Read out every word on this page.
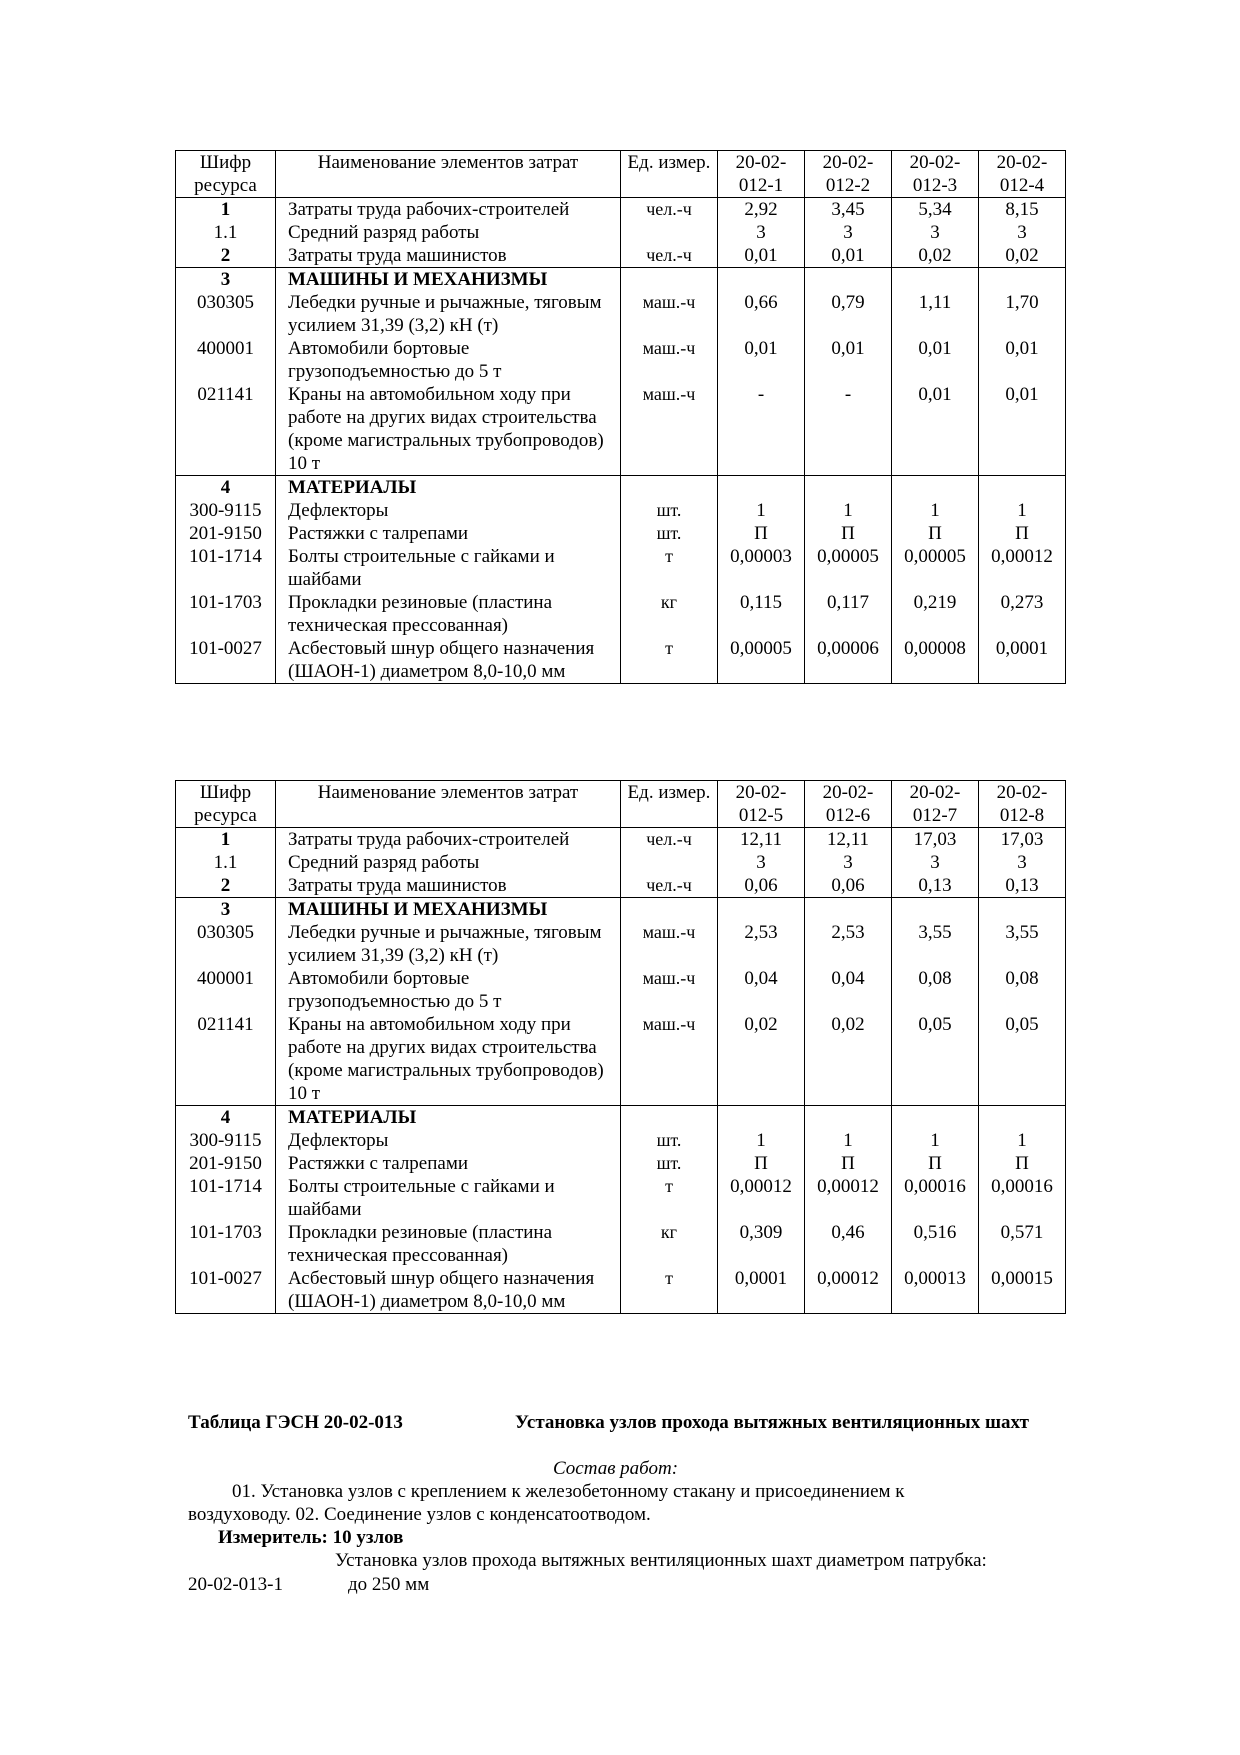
Шифр ресурса	Наименование элементов затрат	Ед. измер.	20-02-012-1	20-02-012-2	20-02-012-3	20-02-012-4
1	Затраты труда рабочих-строителей	чел.-ч	2,92	3,45	5,34	8,15
1.1	Средний разряд работы		3	3	3	3
2	Затраты труда машинистов	чел.-ч	0,01	0,01	0,02	0,02
3	МАШИНЫ И МЕХАНИЗМЫ					
030305	Лебедки ручные и рычажные, тяговым усилием 31,39 (3,2) кН (т)	маш.-ч	0,66	0,79	1,11	1,70
400001	Автомобили бортовые грузоподъемностью до 5 т	маш.-ч	0,01	0,01	0,01	0,01
021141	Краны на автомобильном ходу при работе на других видах строительства (кроме магистральных трубопроводов) 10 т	маш.-ч	-	-	0,01	0,01
4	МАТЕРИАЛЫ					
300-9115	Дефлекторы	шт.	1	1	1	1
201-9150	Растяжки с талрепами	шт.	П	П	П	П
101-1714	Болты строительные с гайками и шайбами	т	0,00003	0,00005	0,00005	0,00012
101-1703	Прокладки резиновые (пластина техническая прессованная)	кг	0,115	0,117	0,219	0,273
101-0027	Асбестовый шнур общего назначения (ШАОН-1) диаметром 8,0-10,0 мм	т	0,00005	0,00006	0,00008	0,0001
Шифр ресурса	Наименование элементов затрат	Ед. измер.	20-02-012-5	20-02-012-6	20-02-012-7	20-02-012-8
1	Затраты труда рабочих-строителей	чел.-ч	12,11	12,11	17,03	17,03
1.1	Средний разряд работы		3	3	3	3
2	Затраты труда машинистов	чел.-ч	0,06	0,06	0,13	0,13
3	МАШИНЫ И МЕХАНИЗМЫ					
030305	Лебедки ручные и рычажные, тяговым усилием 31,39 (3,2) кН (т)	маш.-ч	2,53	2,53	3,55	3,55
400001	Автомобили бортовые грузоподъемностью до 5 т	маш.-ч	0,04	0,04	0,08	0,08
021141	Краны на автомобильном ходу при работе на других видах строительства (кроме магистральных трубопроводов) 10 т	маш.-ч	0,02	0,02	0,05	0,05
4	МАТЕРИАЛЫ					
300-9115	Дефлекторы	шт.	1	1	1	1
201-9150	Растяжки с талрепами	шт.	П	П	П	П
101-1714	Болты строительные с гайками и шайбами	т	0,00012	0,00012	0,00016	0,00016
101-1703	Прокладки резиновые (пластина техническая прессованная)	кг	0,309	0,46	0,516	0,571
101-0027	Асбестовый шнур общего назначения (ШАОН-1) диаметром 8,0-10,0 мм	т	0,0001	0,00012	0,00013	0,00015
Таблица ГЭСН 20-02-013	Установка узлов прохода вытяжных вентиляционных шахт
Состав работ:
01. Установка узлов с креплением к железобетонному стакану и присоединением к
воздуховоду. 02. Соединение узлов с конденсатоотводом.
Измеритель: 10 узлов
Установка узлов прохода вытяжных вентиляционных шахт диаметром патрубка:
20-02-013-1	до 250 мм
